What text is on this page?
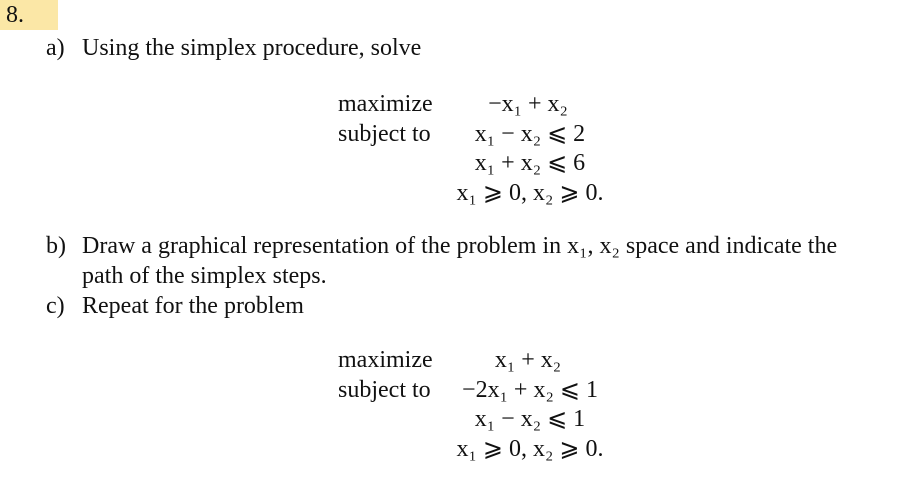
8.
a) Using the simplex procedure, solve
maximize	−x₁ + x₂
subject to x₁ − x₂ ⩽ 2
x₁ + x₂ ⩽ 6
x₁ ⩾ 0, x₂ ⩾ 0.
b) Draw a graphical representation of the problem in x₁, x₂ space and indicate the
path of the simplex steps.
c) Repeat for the problem
maximize	x₁ + x₂
subject to	−2x₁ + x₂ ⩽ 1
x₁ − x₂ ⩽ 1
x₁ ⩾ 0, x₂ ⩾ 0.
